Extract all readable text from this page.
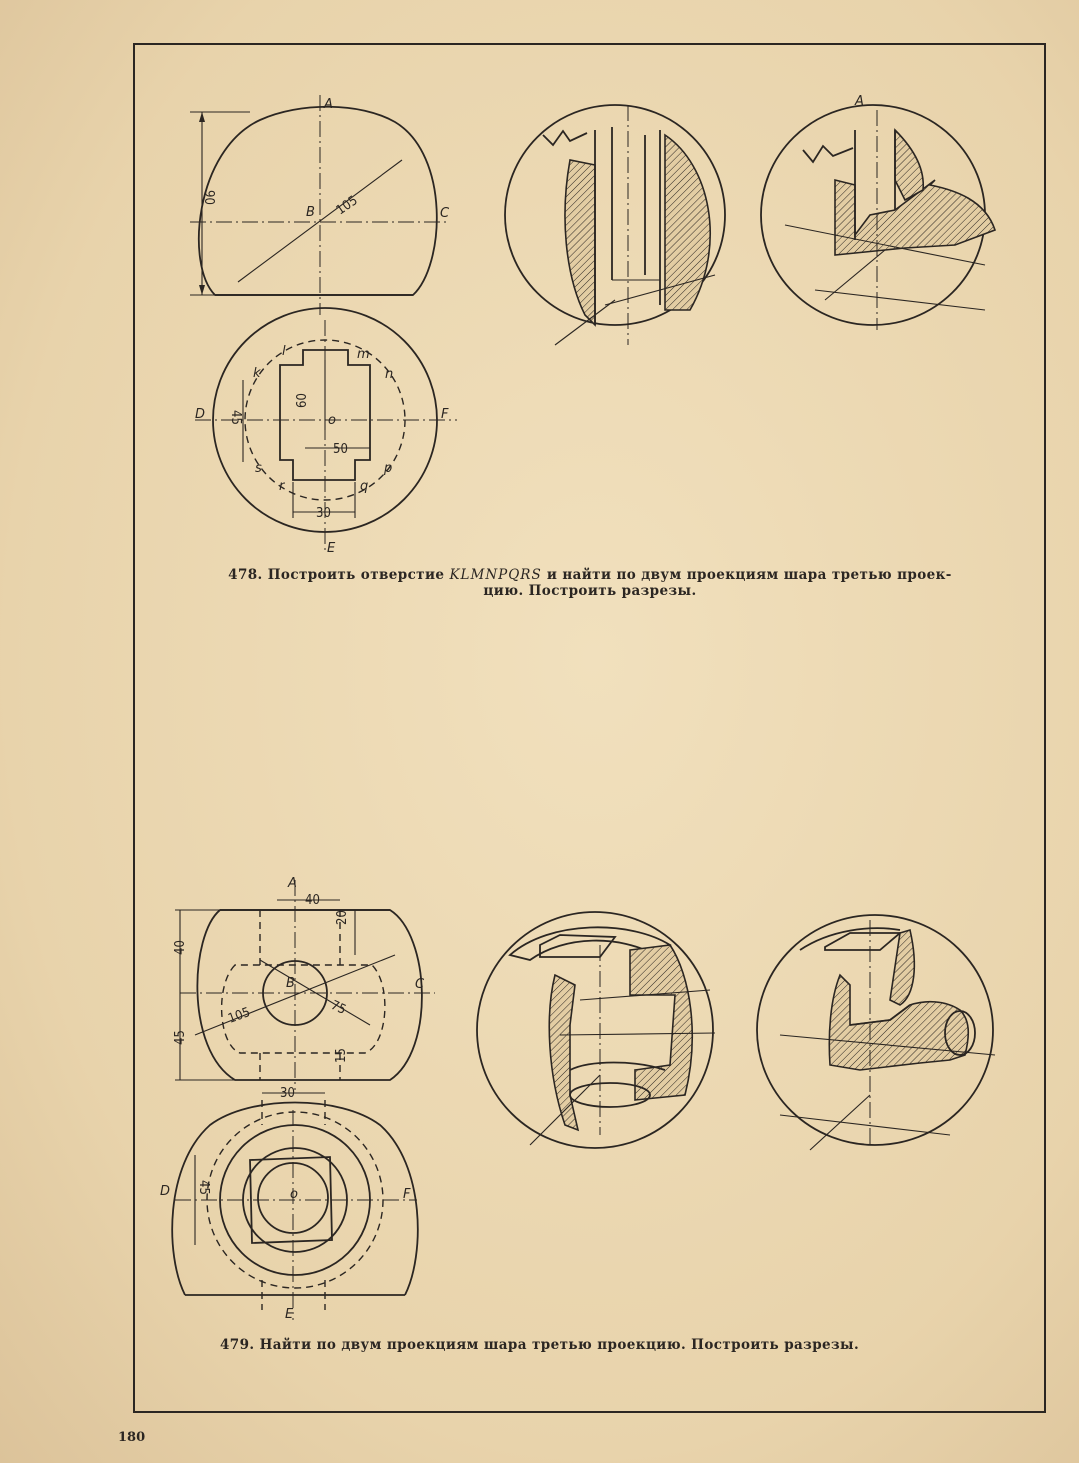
90	105
A
B	C
45
60
50
30
D	F
E
o
k
l	m
n
p
q
r
s
A
478. Построить отверстие KLMNPQRS и найти по двум проекциям шара третью проек-
цию. Построить разрезы.
40
20
40
45
105	75
15
A
B	C
30
45
D	F
E
o
479. Найти по двум проекциям шара третью проекцию. Построить разрезы.
180
